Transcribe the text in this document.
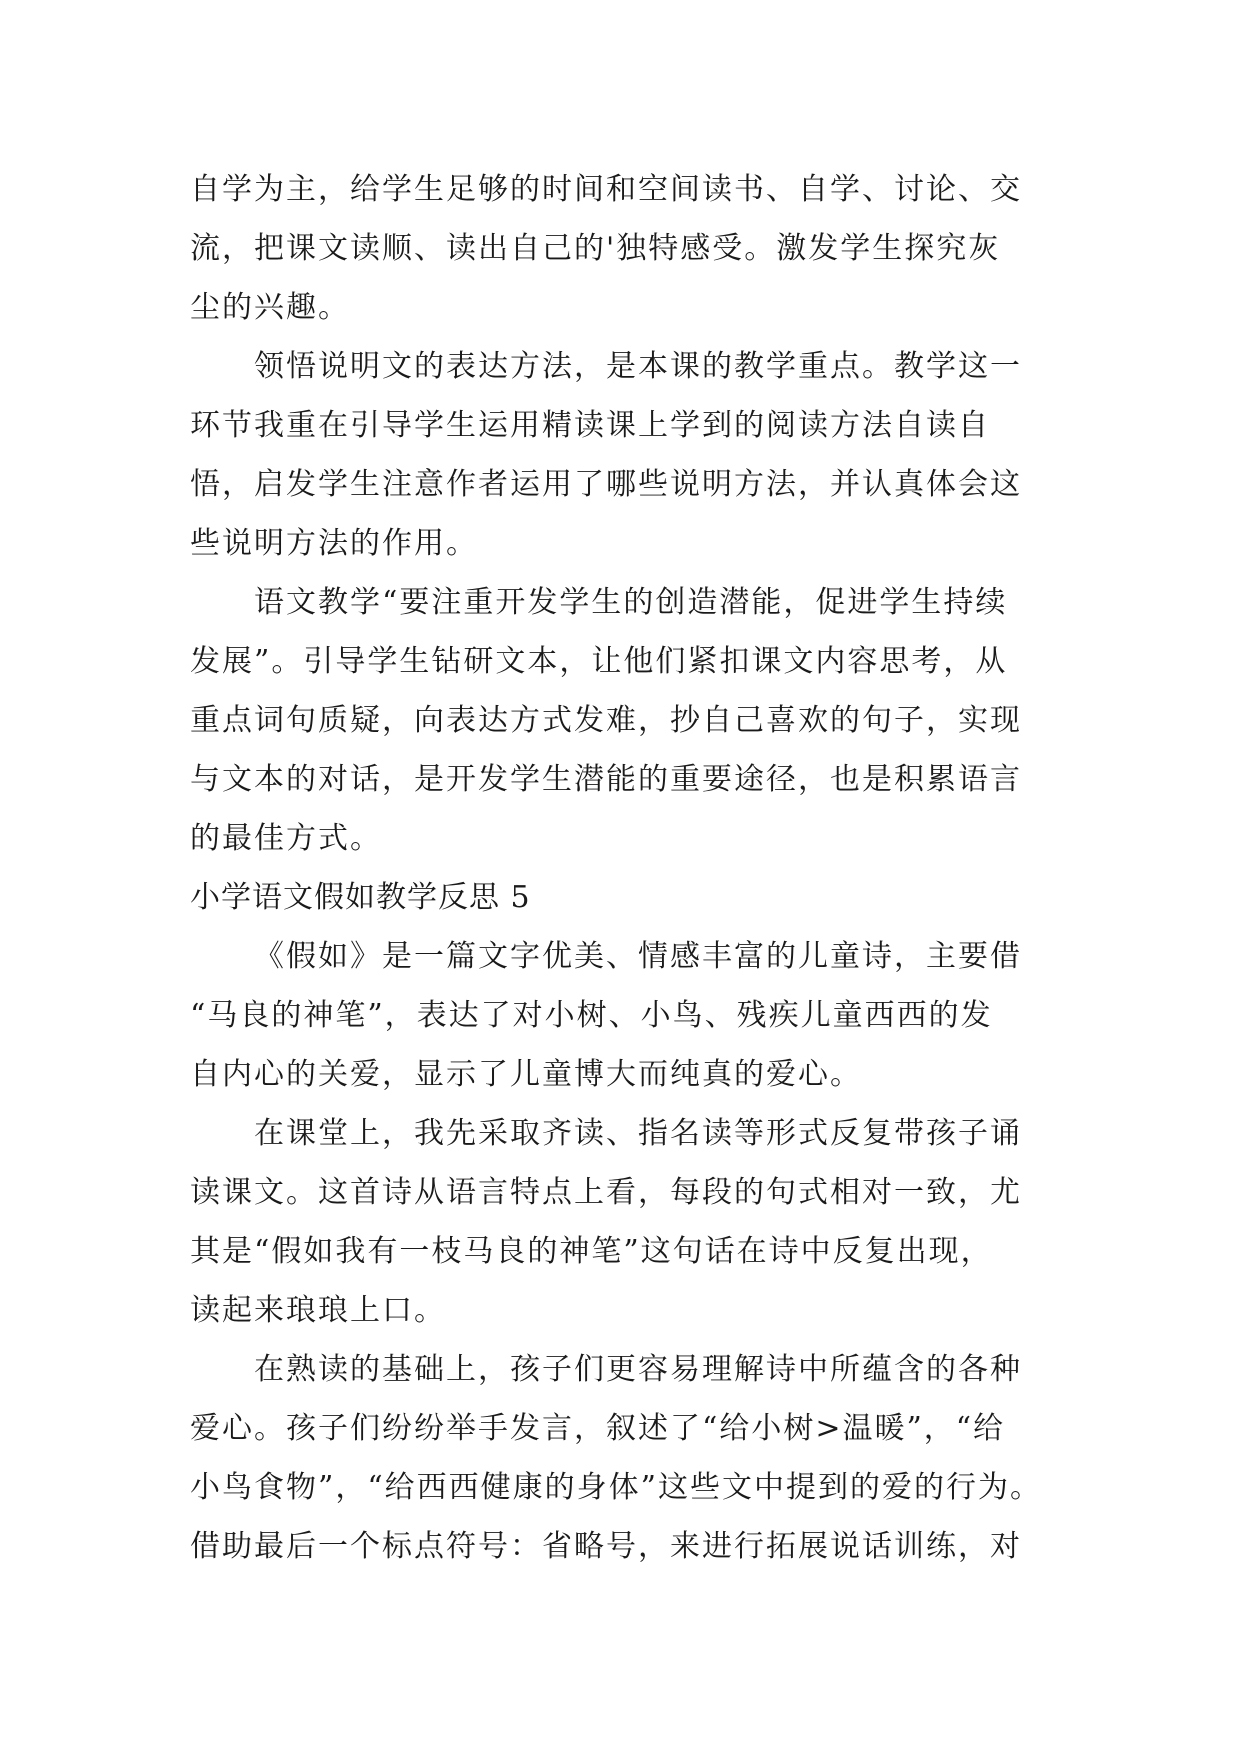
自学为主，给学生足够的时间和空间读书、自学、讨论、交
流，把课文读顺、读出自己的'独特感受。激发学生探究灰
尘的兴趣。
领悟说明文的表达方法，是本课的教学重点。教学这一
环节我重在引导学生运用精读课上学到的阅读方法自读自
悟，启发学生注意作者运用了哪些说明方法，并认真体会这
些说明方法的作用。
语文教学“要注重开发学生的创造潜能，促进学生持续
发展”。引导学生钻研文本，让他们紧扣课文内容思考，从
重点词句质疑，向表达方式发难，抄自己喜欢的句子，实现
与文本的对话，是开发学生潜能的重要途径，也是积累语言
的最佳方式。
小学语文假如教学反思 5
《假如》是一篇文字优美、情感丰富的儿童诗，主要借
“马良的神笔”，表达了对小树、小鸟、残疾儿童西西的发
自内心的关爱，显示了儿童博大而纯真的爱心。
在课堂上，我先采取齐读、指名读等形式反复带孩子诵
读课文。这首诗从语言特点上看，每段的句式相对一致，尤
其是“假如我有一枝马良的神笔”这句话在诗中反复出现，
读起来琅琅上口。
在熟读的基础上，孩子们更容易理解诗中所蕴含的各种
爱心。孩子们纷纷举手发言，叙述了“给小树>温暖”，“给
小鸟食物”，“给西西健康的身体”这些文中提到的爱的行为。
借助最后一个标点符号：省略号，来进行拓展说话训练，对
